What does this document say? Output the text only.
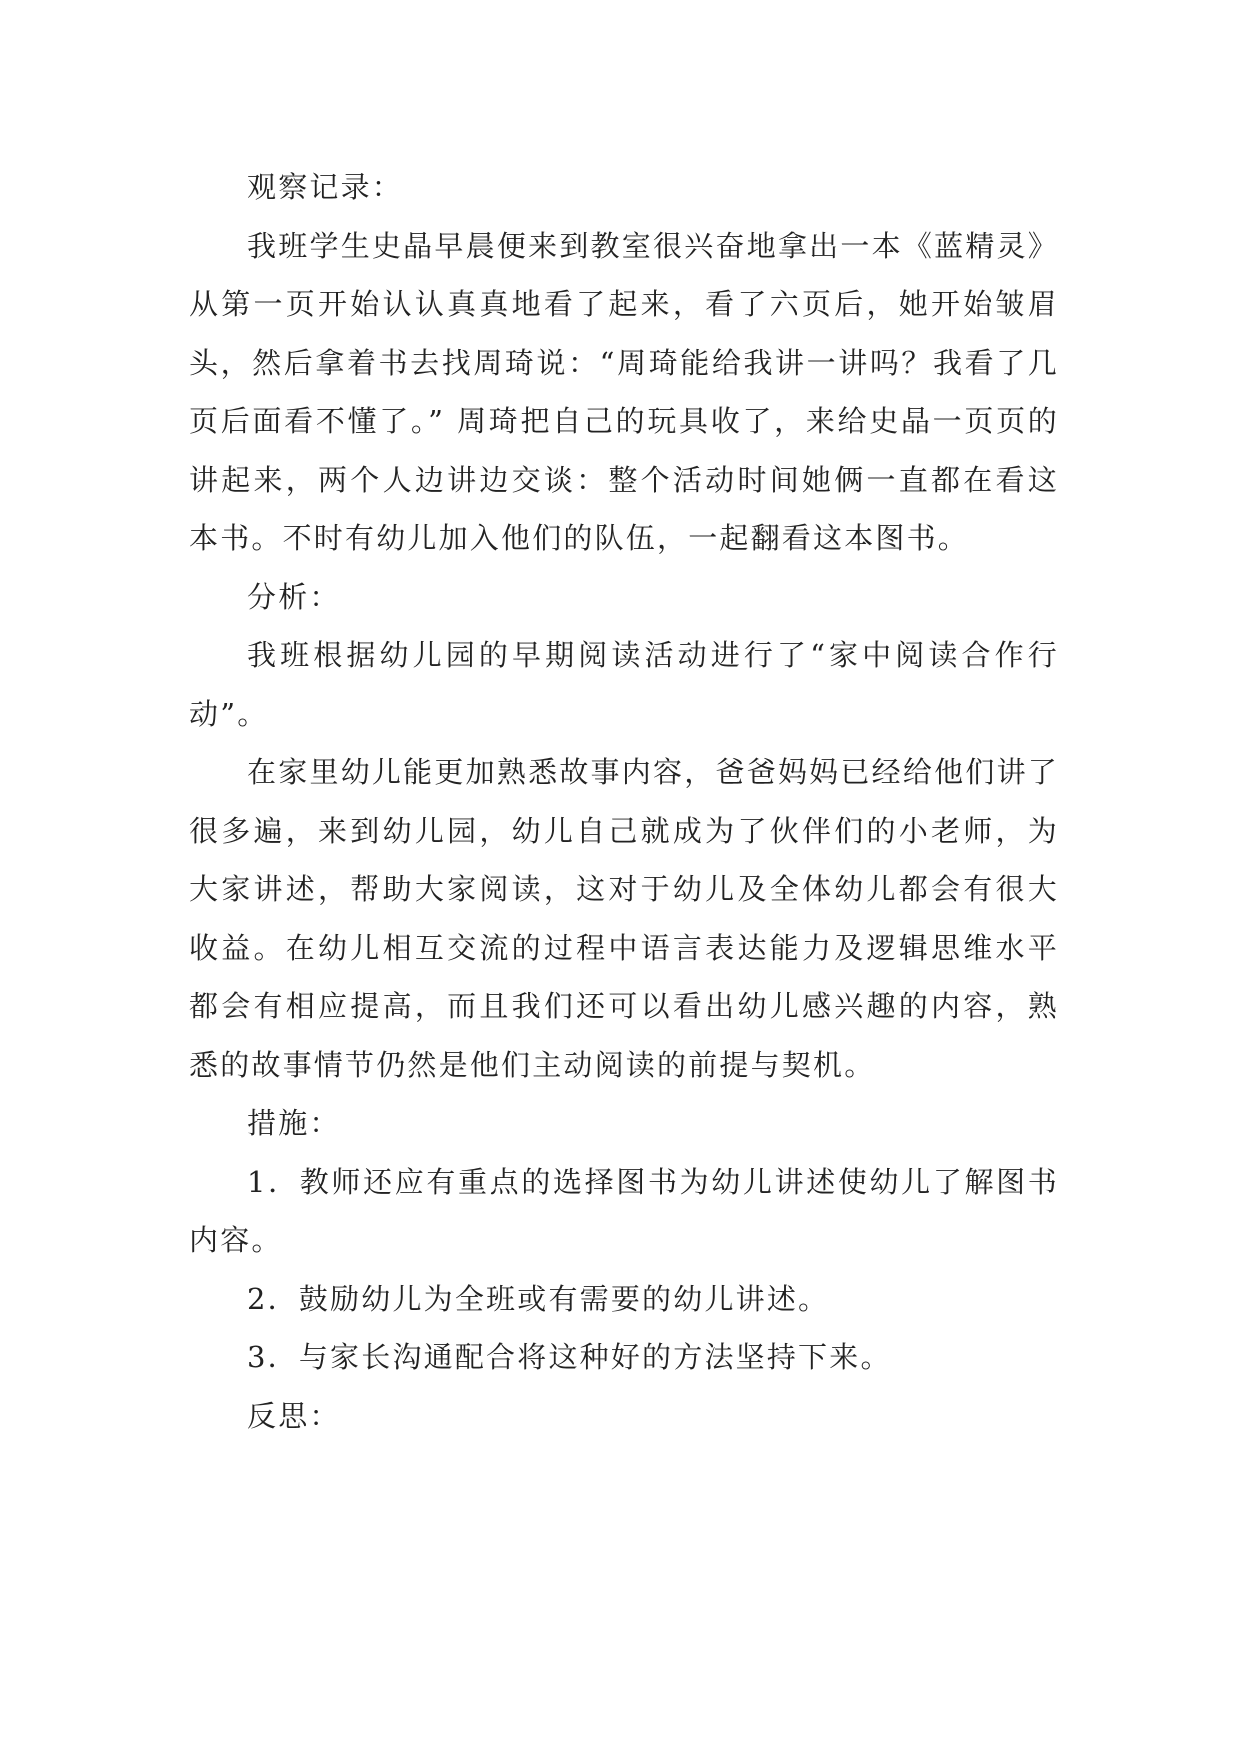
观察记录：

我班学生史晶早晨便来到教室很兴奋地拿出一本《蓝精灵》从第一页开始认认真真地看了起来，看了六页后，她开始皱眉头，然后拿着书去找周琦说：“周琦能给我讲一讲吗？我看了几页后面看不懂了。” 周琦把自己的玩具收了，来给史晶一页页的讲起来，两个人边讲边交谈：整个活动时间她俩一直都在看这本书。不时有幼儿加入他们的队伍，一起翻看这本图书。

分析：

我班根据幼儿园的早期阅读活动进行了“家中阅读合作行动”。

在家里幼儿能更加熟悉故事内容，爸爸妈妈已经给他们讲了很多遍，来到幼儿园，幼儿自己就成为了伙伴们的小老师，为大家讲述，帮助大家阅读，这对于幼儿及全体幼儿都会有很大收益。在幼儿相互交流的过程中语言表达能力及逻辑思维水平都会有相应提高，而且我们还可以看出幼儿感兴趣的内容，熟悉的故事情节仍然是他们主动阅读的前提与契机。

措施：

1．教师还应有重点的选择图书为幼儿讲述使幼儿了解图书内容。

2．鼓励幼儿为全班或有需要的幼儿讲述。

3．与家长沟通配合将这种好的方法坚持下来。

反思：
